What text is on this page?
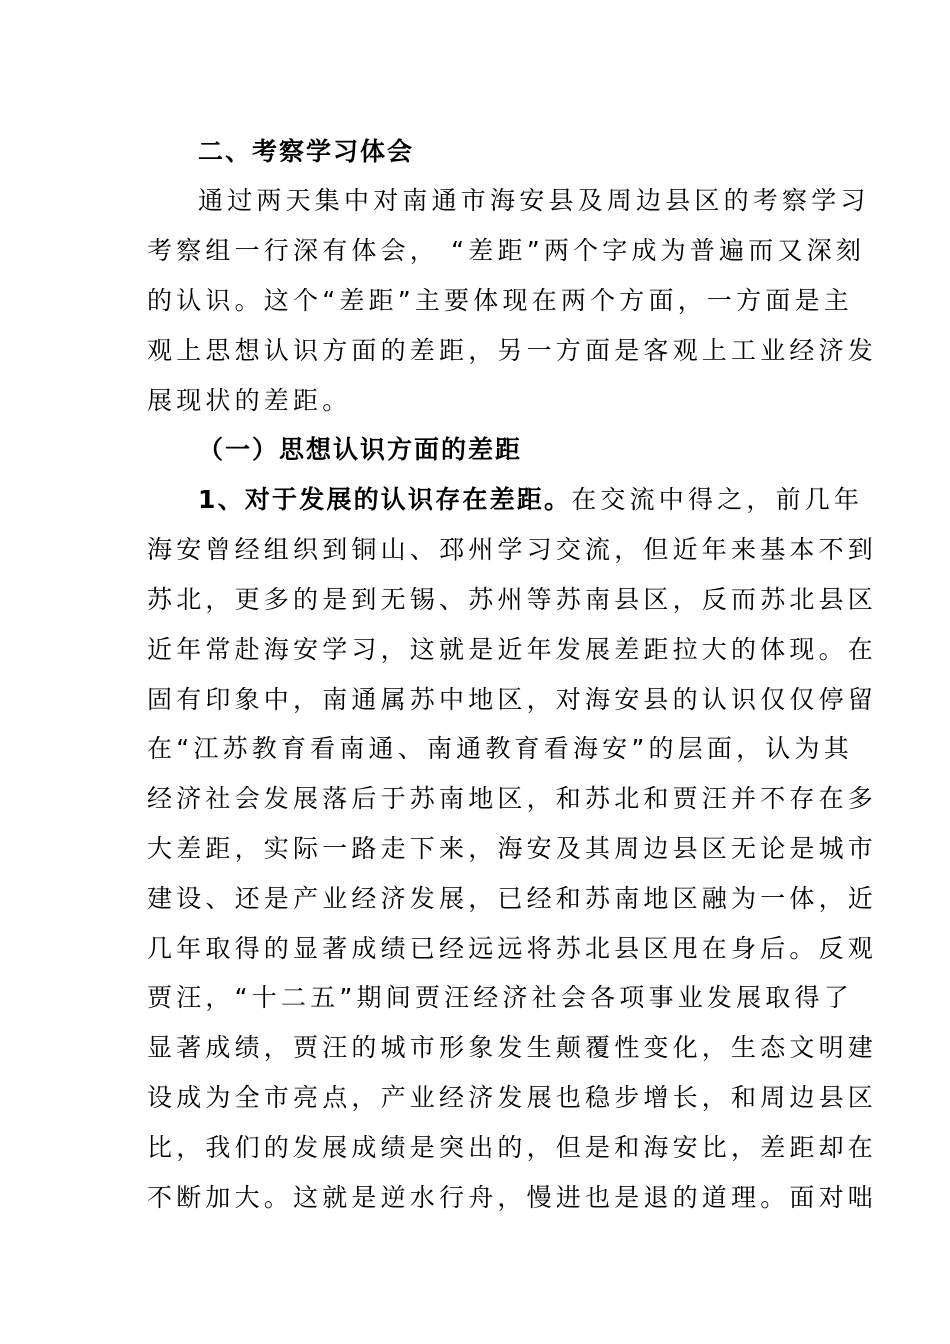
二、考察学习体会
通过两天集中对南通市海安县及周边县区的考察学习
考察组一行深有体会， “差距”两个字成为普遍而又深刻
的认识。这个“差距”主要体现在两个方面，一方面是主
观上思想认识方面的差距，另一方面是客观上工业经济发
展现状的差距。
（一）思想认识方面的差距
1、对于发展的认识存在差距。在交流中得之，前几年
海安曾经组织到铜山、邳州学习交流，但近年来基本不到
苏北，更多的是到无锡、苏州等苏南县区，反而苏北县区
近年常赴海安学习，这就是近年发展差距拉大的体现。在
固有印象中，南通属苏中地区，对海安县的认识仅仅停留
在“江苏教育看南通、南通教育看海安”的层面，认为其
经济社会发展落后于苏南地区，和苏北和贾汪并不存在多
大差距，实际一路走下来，海安及其周边县区无论是城市
建设、还是产业经济发展，已经和苏南地区融为一体，近
几年取得的显著成绩已经远远将苏北县区甩在身后。反观
贾汪，“十二五”期间贾汪经济社会各项事业发展取得了
显著成绩，贾汪的城市形象发生颠覆性变化，生态文明建
设成为全市亮点，产业经济发展也稳步增长，和周边县区
比，我们的发展成绩是突出的，但是和海安比，差距却在
不断加大。这就是逆水行舟，慢进也是退的道理。面对咄
